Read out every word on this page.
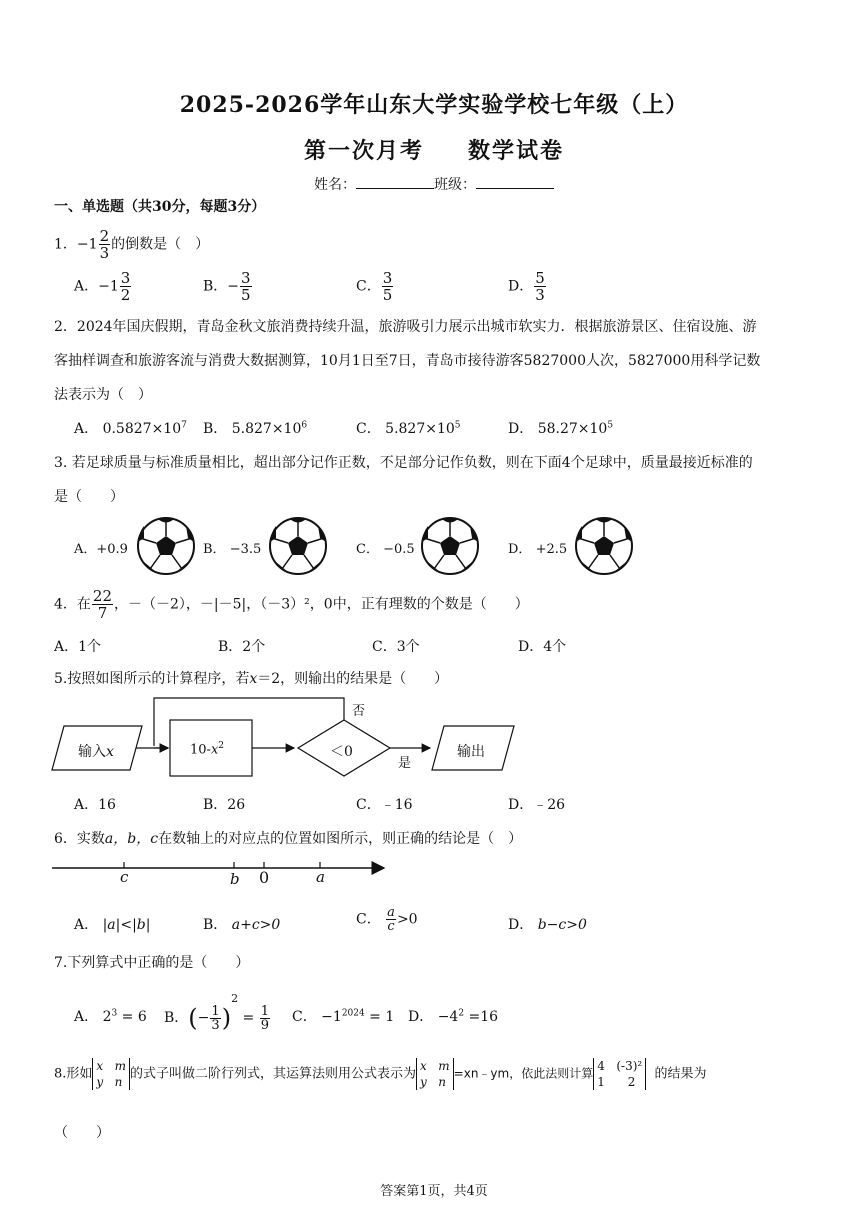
2025-2026学年山东大学实验学校七年级（上）
第一次月考 数学试卷
姓名：	班级：
一、单选题（共30分，每题3分）
1．$-1 \frac{2}{3}$ 的倒数是（　）
A．$-1 \frac{3}{2}$	B．− $\frac{3}{5}$	C． $\frac{3}{5}$	D． $\frac{5}{3}$
2．2024年国庆假期，青岛金秋文旅消费持续升温，旅游吸引力展示出城市软实力．根据旅游景区、住宿设施、游
客抽样调查和旅游客流与消费大数据测算，10月1日至7日，青岛市接待游客5827000人次，5827000用科学记数
法表示为（　）
A． $0.5827\times 10^7$ B． $5.827\times 10^6$	C． $5.827\times 10^5$	D． $58.27\times 10^5$
3. 若足球质量与标准质量相比，超出部分记作正数，不足部分记作负数，则在下面4个足球中，质量最接近标准的
是（　　）
A．+0.9	B． −3.5	C． −0.5	D． +2.5
4．在 $\frac{22}{7}$ ，－（－2），－|－5|，（－3）²，0中，正有理数的个数是（　　）
A．1个	B．2个	C．3个	D．4个
5.按照如图所示的计算程序，若x＝2，则输出的结果是（　　）
输入x	$10-x^2$	＜0
否
是
输出
A．16	B．26	C．﹣16	D．﹣26
6．实数a，b，c在数轴上的对应点的位置如图所示，则正确的结论是（　）
c	b 0	a
A． |a|<|b|	B． a+c>0	C． $\frac{a}{c} >0$	D． b−c>0
7.下列算式中正确的是（　　）
A． $2^3 = 6$ B．(− $\frac{1}{3} )^2 = \frac{1}{9}$ C． $-1^{2024} = 1$ D． $-4^2 =16$
8.形如x m
y n的式子叫做二阶行列式，其运算法则用公式表示为x m
y n=xn﹣ym，依此法则计算4 (-3)²
1 2  的结果为
（　　）
答案第1页，共4页
